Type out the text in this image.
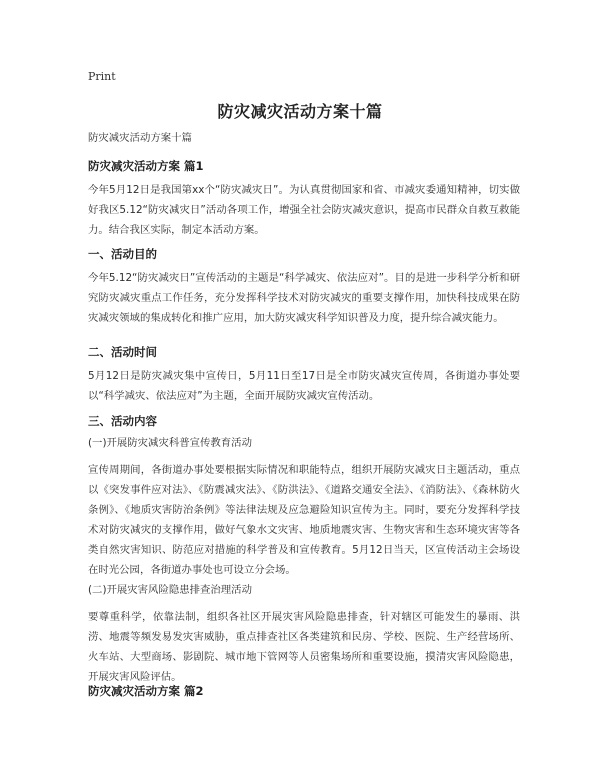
Print
防灾减灾活动方案十篇
防灾减灾活动方案十篇
防灾减灾活动方案 篇1
今年5月12日是我国第xx个“防灾减灾日”。为认真贯彻国家和省、市减灾委通知精神，切实做好我区5.12“防灾减灾日”活动各项工作，增强全社会防灾减灾意识，提高市民群众自救互救能力。结合我区实际，制定本活动方案。
一、活动目的
今年5.12“防灾减灾日”宣传活动的主题是“科学减灾、依法应对”。目的是进一步科学分析和研究防灾减灾重点工作任务，充分发挥科学技术对防灾减灾的重要支撑作用，加快科技成果在防灾减灾领域的集成转化和推广应用，加大防灾减灾科学知识普及力度，提升综合减灾能力。
二、活动时间
5月12日是防灾减灾集中宣传日，5月11日至17日是全市防灾减灾宣传周，各街道办事处要以“科学减灾、依法应对”为主题，全面开展防灾减灾宣传活动。
三、活动内容
(一)开展防灾减灾科普宣传教育活动
宣传周期间，各街道办事处要根据实际情况和职能特点，组织开展防灾减灾日主题活动，重点以《突发事件应对法》、《防震减灾法》、《防洪法》、《道路交通安全法》、《消防法》、《森林防火条例》、《地质灾害防治条例》等法律法规及应急避险知识宣传为主。同时，要充分发挥科学技术对防灾减灾的支撑作用，做好气象水文灾害、地质地震灾害、生物灾害和生态环境灾害等各类自然灾害知识、防范应对措施的科学普及和宣传教育。5月12日当天，区宣传活动主会场设在时光公园，各街道办事处也可设立分会场。
(二)开展灾害风险隐患排查治理活动
要尊重科学，依靠法制，组织各社区开展灾害风险隐患排查，针对辖区可能发生的暴雨、洪涝、地震等频发易发灾害威胁，重点排查社区各类建筑和民房、学校、医院、生产经营场所、火车站、大型商场、影剧院、城市地下管网等人员密集场所和重要设施，摸清灾害风险隐患，开展灾害风险评估。
防灾减灾活动方案 篇2
